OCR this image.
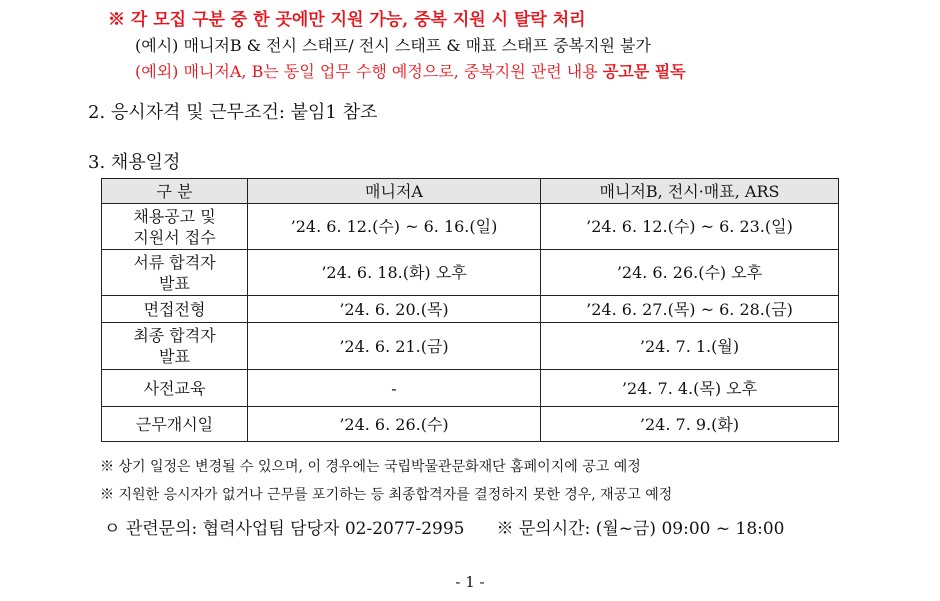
※ 각 모집 구분 중 한 곳에만 지원 가능, 중복 지원 시 탈락 처리
(예시) 매니저B & 전시 스태프/ 전시 스태프 & 매표 스태프 중복지원 불가
(예외) 매니저A, B는 동일 업무 수행 예정으로, 중복지원 관련 내용 공고문 필독
2. 응시자격 및 근무조건: 붙임1 참조
3. 채용일정
구 분	매니저A	매니저B, 전시·매표, ARS
채용공고 및
지원서 접수	’24. 6. 12.(수) ~ 6. 16.(일)	’24. 6. 12.(수) ~ 6. 23.(일)
서류 합격자
발표	’24. 6. 18.(화) 오후	’24. 6. 26.(수) 오후
면접전형	’24. 6. 20.(목)	’24. 6. 27.(목) ~ 6. 28.(금)
최종 합격자
발표	’24. 6. 21.(금)	’24. 7. 1.(월)
사전교육	-	’24. 7. 4.(목) 오후
근무개시일	’24. 6. 26.(수)	’24. 7. 9.(화)
※ 상기 일정은 변경될 수 있으며, 이 경우에는 국립박물관문화재단 홈페이지에 공고 예정
※ 지원한 응시자가 없거나 근무를 포기하는 등 최종합격자를 결정하지 못한 경우, 재공고 예정
ㅇ 관련문의: 협력사업팀 담당자 02-2077-2995 ※ 문의시간: (월~금) 09:00 ~ 18:00
- 1 -
